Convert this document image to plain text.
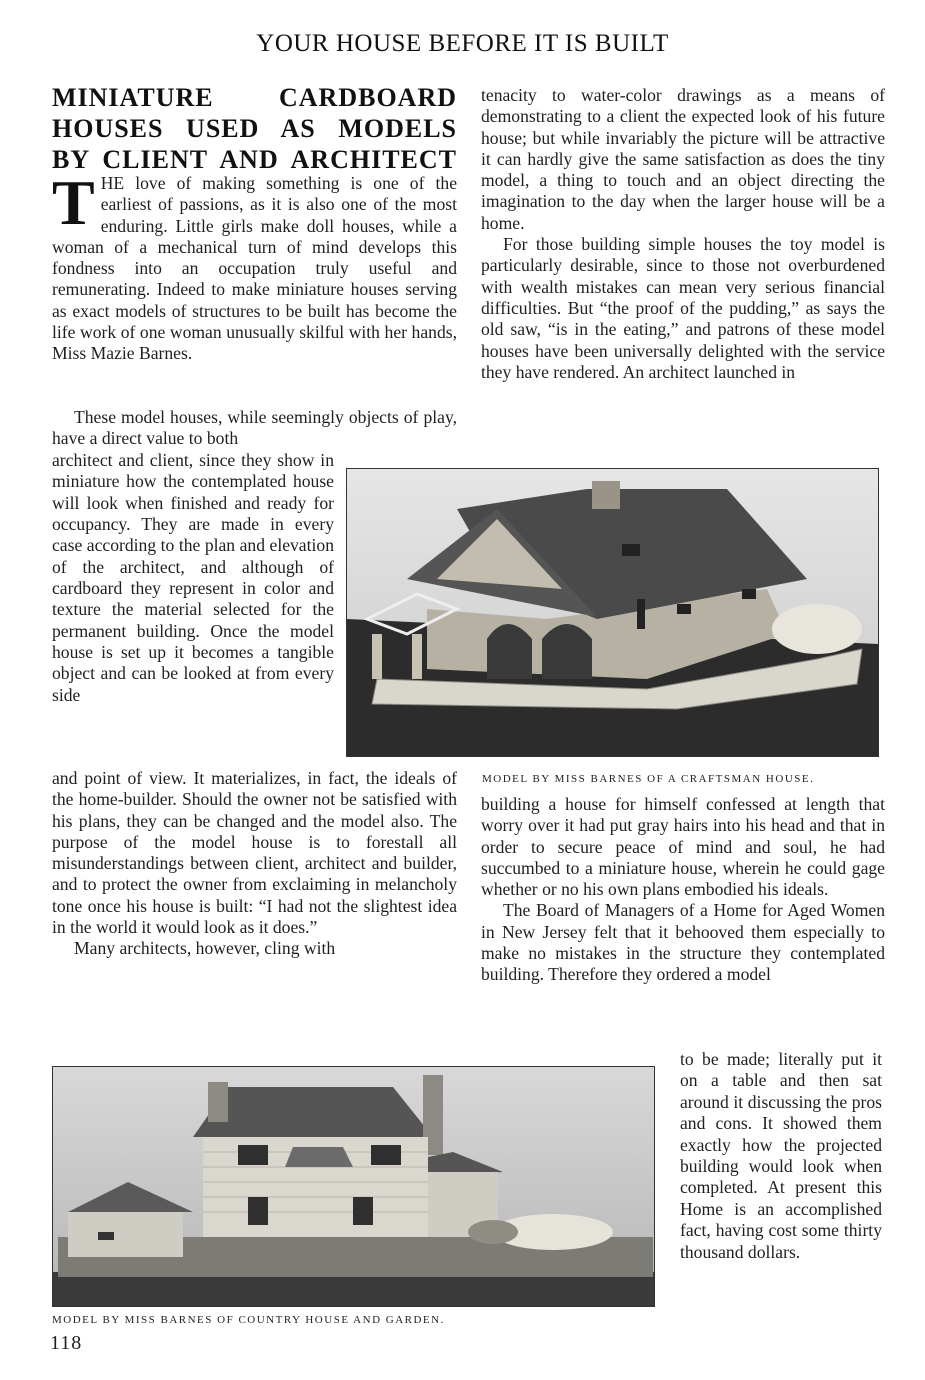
YOUR HOUSE BEFORE IT IS BUILT
MINIATURE CARDBOARD HOUSES USED AS MODELS BY CLIENT AND ARCHITECT
T HE love of making something is one of the earliest of passions, as it is also one of the most enduring. Little girls make doll houses, while a woman of a mechanical turn of mind develops this fondness into an occupation truly useful and remunerating. Indeed to make miniature houses serving as exact models of structures to be built has become the life work of one woman unusually skilful with her hands, Miss Mazie Barnes.

These model houses, while seemingly objects of play, have a direct value to both

architect and client, since they show in miniature how the contemplated house will look when finished and ready for occupancy. They are made in every case according to the plan and elevation of the architect, and although of cardboard they represent in color and texture the material selected for the permanent building. Once the model house is set up it becomes a tangible object and can be looked at from every side

and point of view. It materializes, in fact, the ideals of the home-builder. Should the owner not be satisfied with his plans, they can be changed and the model also. The purpose of the model house is to forestall all misunderstandings between client, architect and builder, and to protect the owner from exclaiming in melancholy tone once his house is built: “I had not the slightest idea in the world it would look as it does.”

Many architects, however, cling with

tenacity to water-color drawings as a means of demonstrating to a client the expected look of his future house; but while invariably the picture will be attractive it can hardly give the same satisfaction as does the tiny model, a thing to touch and an object directing the imagination to the day when the larger house will be a home.

For those building simple houses the toy model is particularly desirable, since to those not overburdened with wealth mistakes can mean very serious financial difficulties. But “the proof of the pudding,” as says the old saw, “is in the eating,” and patrons of these model houses have been universally delighted with the service they have rendered. An architect launched in

MODEL BY MISS BARNES OF A CRAFTSMAN HOUSE.

building a house for himself confessed at length that worry over it had put gray hairs into his head and that in order to secure peace of mind and soul, he had succumbed to a miniature house, wherein he could gage whether or no his own plans embodied his ideals.

The Board of Managers of a Home for Aged Women in New Jersey felt that it behooved them especially to make no mistakes in the structure they contemplated building. Therefore they ordered a model

to be made; literally put it on a table and then sat around it discussing the pros and cons. It showed them exactly how the projected building would look when completed. At present this Home is an accomplished fact, having cost some thirty thousand dollars.

MODEL BY MISS BARNES OF COUNTRY HOUSE AND GARDEN.
118
